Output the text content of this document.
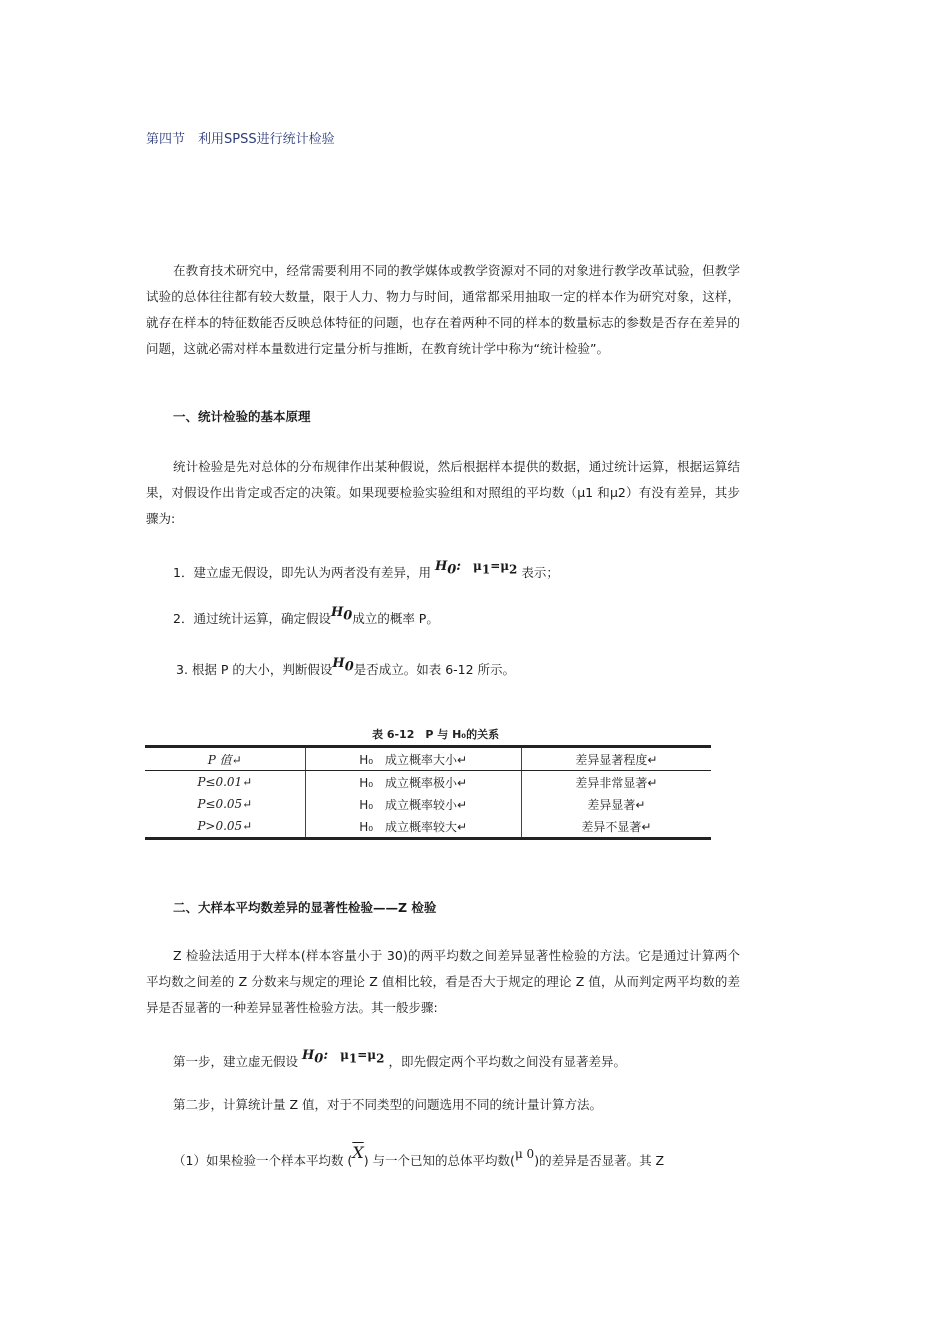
第四节　利用SPSS进行统计检验

在教育技术研究中，经常需要利用不同的教学媒体或教学资源对不同的对象进行教学改革试验，但教学试验的总体往往都有较大数量，限于人力、物力与时间，通常都采用抽取一定的样本作为研究对象，这样，就存在样本的特征数能否反映总体特征的问题，也存在着两种不同的样本的数量标志的参数是否存在差异的问题，这就必需对样本量数进行定量分析与推断，在教育统计学中称为“统计检验”。

一、统计检验的基本原理

统计检验是先对总体的分布规律作出某种假说，然后根据样本提供的数据，通过统计运算，根据运算结果，对假设作出肯定或否定的决策。如果现要检验实验组和对照组的平均数（μ1 和μ2）有没有差异，其步骤为:

1．建立虚无假设，即先认为两者没有差异，用 $H_0$: $\mu_1=\mu_2$ 表示；
2．通过统计运算，确定假设$H_0$成立的概率 P。
3. 根据 P 的大小，判断假设$H_0$是否成立。如表 6-12 所示。
表 6-12　P 与 H₀的关系
P 值↵	H₀　成立概率大小↵	差异显著程度↵
P≤0.01↵	H₀　成立概率极小↵	差异非常显著↵
P≤0.05↵	H₀　成立概率较小↵	差异显著↵
P>0.05↵	H₀　成立概率较大↵	差异不显著↵
二、大样本平均数差异的显著性检验——Z 检验

Z 检验法适用于大样本(样本容量小于 30)的两平均数之间差异显著性检验的方法。它是通过计算两个平均数之间差的 Z 分数来与规定的理论 Z 值相比较，看是否大于规定的理论 Z 值，从而判定两平均数的差异是否显著的一种差异显著性检验方法。其一般步骤:

第一步，建立虚无假设 $H_0$: $\mu_1=\mu_2$ ，即先假定两个平均数之间没有显著差异。
第二步，计算统计量 Z 值，对于不同类型的问题选用不同的统计量计算方法。
（1）如果检验一个样本平均数 $(\overline{X})$ 与一个已知的总体平均数(μ 0)的差异是否显著。其 Z
